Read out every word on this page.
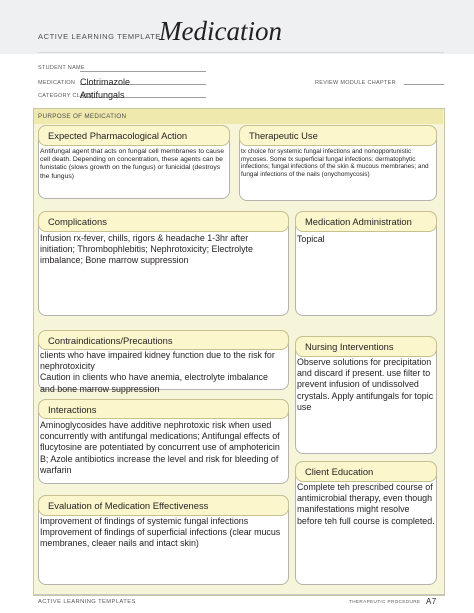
ACTIVE LEARNING TEMPLATE:
Medication
STUDENT NAME
MEDICATION Clotrimazole
CATEGORY CLASS
Antifungals
REVIEW MODULE CHAPTER
PURPOSE OF MEDICATION
Expected Pharmacological Action
Antifungal agent that acts on fungal cell membranes to cause cell death. Depending on concentration, these agents can be funistatic (slows growth on the fungus) or funicidal (destroys the fungus)
Therapeutic Use
tx choice for systemic fungal infections and nonopportunistic mycoses. Some tx superficial fungal infections: dermatophytic infections; fungal infections of the skin & mucous membranes; and fungal infections of the nails (onychomycosis)
Complications
Infusion rx-fever, chills, rigors & headache 1-3hr after initiation; Thrombophlebitis; Nephrotoxicity; Electrolyte imbalance; Bone marrow suppression
Medication Administration
Topical
Contraindications/Precautions
clients who have impaired kidney function due to the risk for nephrotoxicity
Caution in clients who have anemia, electrolyte imbalance and bone marrow suppression
Nursing Interventions
Observe solutions for precipitation and discard if present. use filter to prevent infusion of undissolved crystals. Apply antifungals for topic use
Interactions
Aminoglycosides have additive nephrotoxic risk when used concurrently with antifungal medications; Antifungal effects of flucytosine are potentiated by concurrent use of amphotericin B; Azole antibiotics increase the level and risk for bleeding of warfarin	Client Education
Complete teh prescribed course of antimicrobial therapy, even though manifestations might resolve before teh full course is completed.
Evaluation of Medication Effectiveness
Improvement of findings of systemic fungal infections
Improvement of findings of superficial infections (clear mucus membranes, cleaer nails and intact skin)
ACTIVE LEARNING TEMPLATES	THERAPEUTIC PROCEDURE A7
